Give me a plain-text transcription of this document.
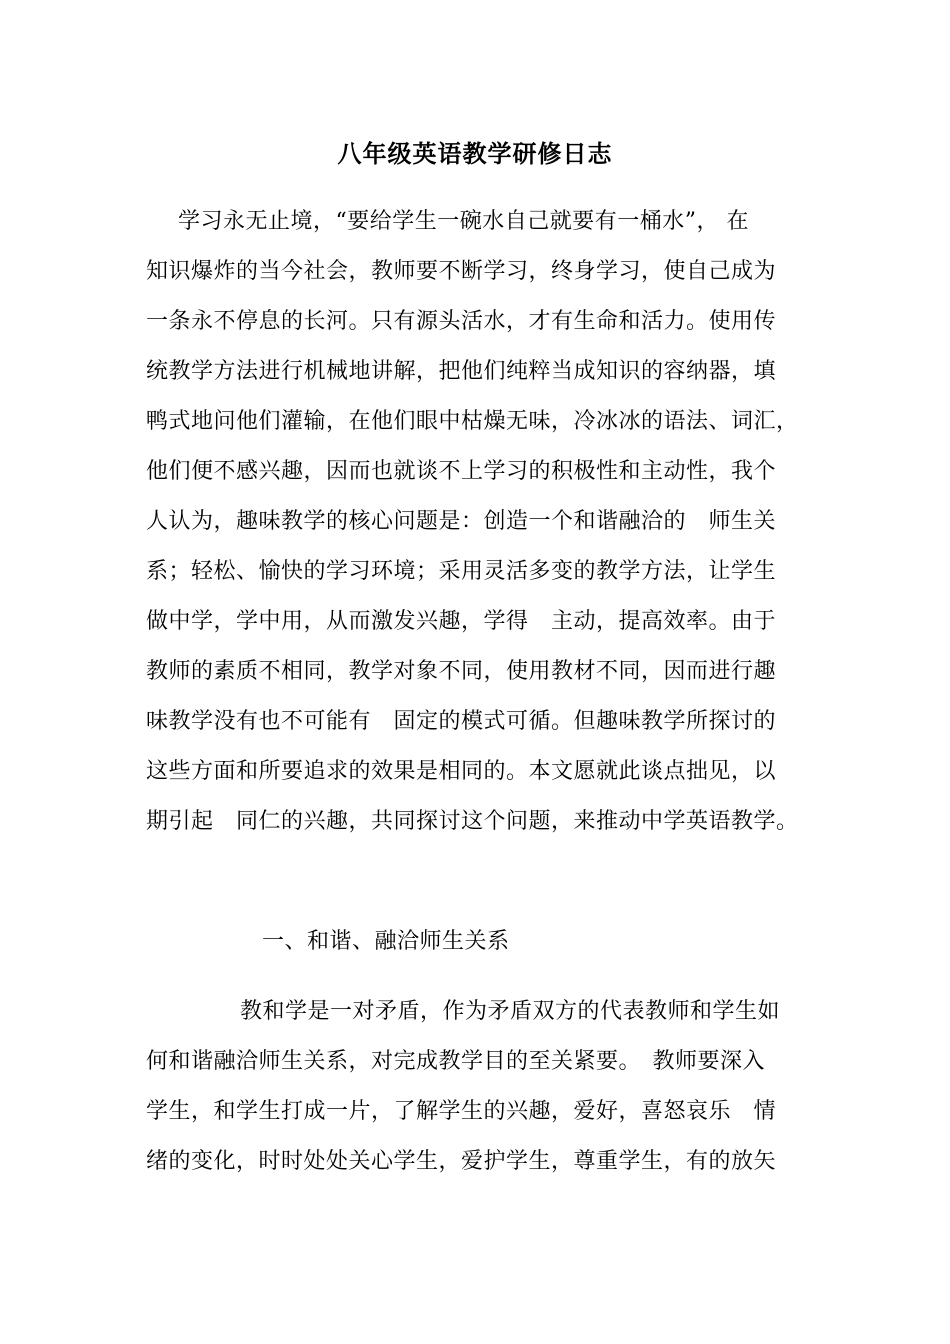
八年级英语教学研修日志
学习永无止境，“要给学生一碗水自己就要有一桶水”， 在
知识爆炸的当今社会，教师要不断学习，终身学习，使自己成为
一条永不停息的长河。只有源头活水，才有生命和活力。使用传
统教学方法进行机械地讲解，把他们纯粹当成知识的容纳器，填
鸭式地问他们灌输，在他们眼中枯燥无味，冷冰冰的语法、词汇，
他们便不感兴趣，因而也就谈不上学习的积极性和主动性，我个
人认为，趣味教学的核心问题是：创造一个和谐融洽的　师生关
系；轻松、愉快的学习环境；采用灵活多变的教学方法，让学生
做中学，学中用，从而激发兴趣，学得　主动，提高效率。由于
教师的素质不相同，教学对象不同，使用教材不同，因而进行趣
味教学没有也不可能有　固定的模式可循。但趣味教学所探讨的
这些方面和所要追求的效果是相同的。本文愿就此谈点拙见，以
期引起　同仁的兴趣，共同探讨这个问题，来推动中学英语教学。
一、和谐、融洽师生关系
教和学是一对矛盾，作为矛盾双方的代表教师和学生如
何和谐融洽师生关系，对完成教学目的至关紧要。　教师要深入
学生，和学生打成一片，了解学生的兴趣，爱好，喜怒哀乐　情
绪的变化，时时处处关心学生，爱护学生，尊重学生，有的放矢
